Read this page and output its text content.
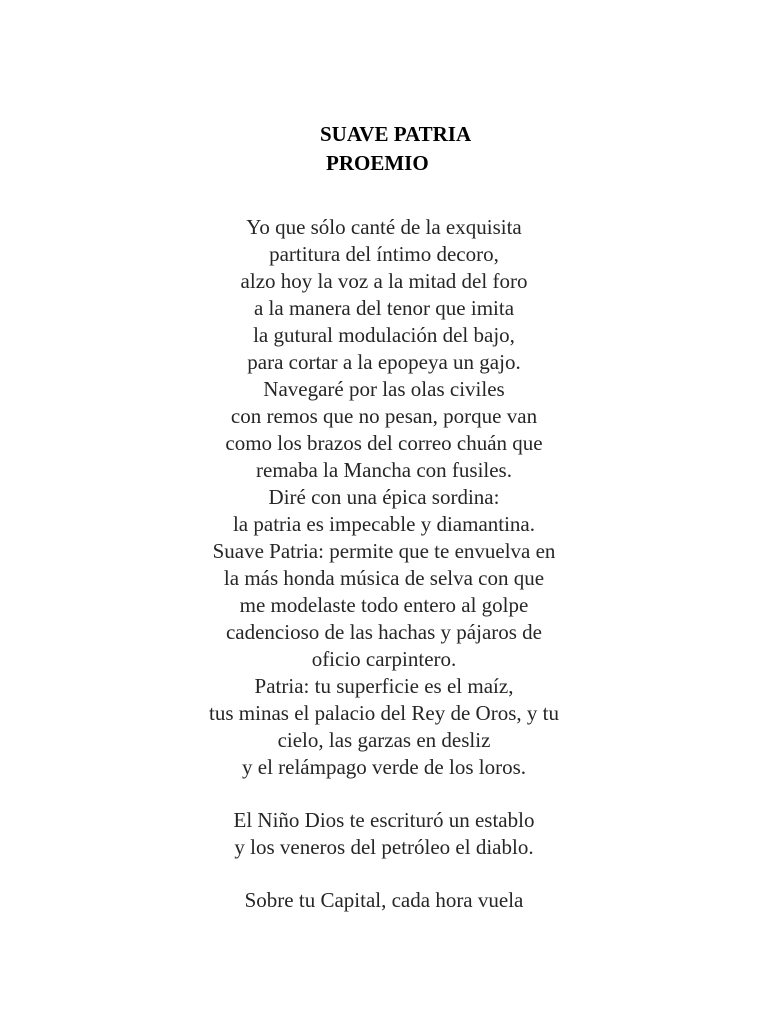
SUAVE PATRIA
PROEMIO
Yo que sólo canté de la exquisita
partitura del íntimo decoro,
alzo hoy la voz a la mitad del foro
a la manera del tenor que imita
la gutural modulación del bajo,
para cortar a la epopeya un gajo.
Navegaré por las olas civiles
con remos que no pesan, porque van
como los brazos del correo chuán que
remaba la Mancha con fusiles.
Diré con una épica sordina:
la patria es impecable y diamantina.
Suave Patria: permite que te envuelva en
la más honda música de selva con que
me modelaste todo entero al golpe
cadencioso de las hachas y pájaros de
oficio carpintero.
Patria: tu superficie es el maíz,
tus minas el palacio del Rey de Oros, y tu
cielo, las garzas en desliz
y el relámpago verde de los loros.
El Niño Dios te escrituró un establo
y los veneros del petróleo el diablo.
Sobre tu Capital, cada hora vuela
